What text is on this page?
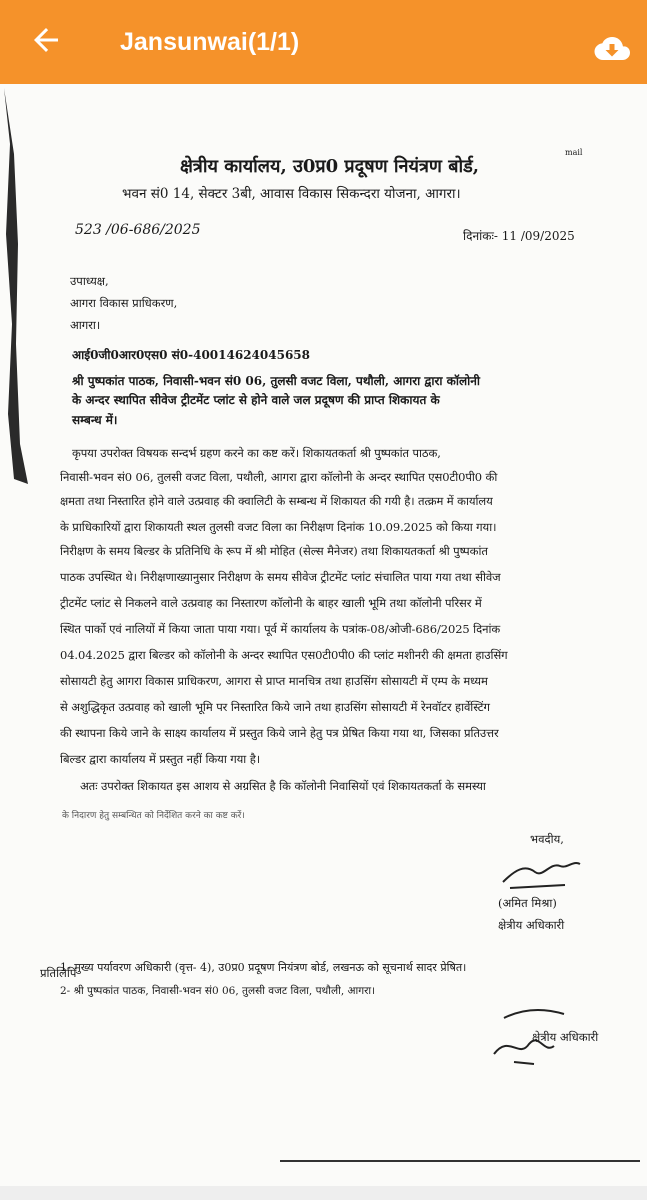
Jansunwai(1/1)
mail
क्षेत्रीय कार्यालय, उ0प्र0 प्रदूषण नियंत्रण बोर्ड,
भवन सं0 14, सेक्टर 3बी, आवास विकास सिकन्दरा योजना, आगरा।
523 /06-686/2025	दिनांकः- 11 /09/2025
उपाध्यक्ष,
आगरा विकास प्राधिकरण,
आगरा।
आई0जी0आर0एस0 सं0-40014624045658
श्री पुष्पकांत पाठक, निवासी-भवन सं0 06, तुलसी वजट विला, पथौली, आगरा द्वारा कॉलोनी
के अन्दर स्थापित सीवेज ट्रीटमेंट प्लांट से होने वाले जल प्रदूषण की प्राप्त शिकायत के
सम्बन्ध में।
कृपया उपरोक्त विषयक सन्दर्भ ग्रहण करने का कष्ट करें। शिकायतकर्ता श्री पुष्पकांत पाठक,
निवासी-भवन सं0 06, तुलसी वजट विला, पथौली, आगरा द्वारा कॉलोनी के अन्दर स्थापित एस0टी0पी0 की
क्षमता तथा निस्तारित होने वाले उत्प्रवाह की क्वालिटी के सम्बन्ध में शिकायत की गयी है। तत्क्रम में कार्यालय
के प्राधिकारियों द्वारा शिकायती स्थल तुलसी वजट विला का निरीक्षण दिनांक 10.09.2025 को किया गया।
निरीक्षण के समय बिल्डर के प्रतिनिधि के रूप में श्री मोहित (सेल्स मैनेजर) तथा शिकायतकर्ता श्री पुष्पकांत
पाठक उपस्थित थे। निरीक्षणाख्यानुसार निरीक्षण के समय सीवेज ट्रीटमेंट प्लांट संचालित पाया गया तथा सीवेज
ट्रीटमेंट प्लांट से निकलने वाले उत्प्रवाह का निस्तारण कॉलोनी के बाहर खाली भूमि तथा कॉलोनी परिसर में
स्थित पार्को एवं नालियों में किया जाता पाया गया। पूर्व में कार्यालय के पत्रांक-08/ओजी-686/2025 दिनांक
04.04.2025 द्वारा बिल्डर को कॉलोनी के अन्दर स्थापित एस0टी0पी0 की प्लांट मशीनरी की क्षमता हाउसिंग
सोसायटी हेतु आगरा विकास प्राधिकरण, आगरा से प्राप्त मानचित्र तथा हाउसिंग सोसायटी में एम्प के मध्यम
से अशुद्धिकृत उत्प्रवाह को खाली भूमि पर निस्तारित किये जाने तथा हाउसिंग सोसायटी में रेनवॉटर हार्वेस्टिंग
की स्थापना किये जाने के साक्ष्य कार्यालय में प्रस्तुत किये जाने हेतु पत्र प्रेषित किया गया था, जिसका प्रतिउत्तर
बिल्डर द्वारा कार्यालय में प्रस्तुत नहीं किया गया है।
अतः उपरोक्त शिकायत इस आशय से अग्रसित है कि कॉलोनी निवासियों एवं शिकायतकर्ता के समस्या
के निदारण हेतु सम्बन्धित को निर्देशित करने का कष्ट करें।
भवदीय,
(अमित मिश्रा)
क्षेत्रीय अधिकारी
प्रतिलिपि
1- मुख्य पर्यावरण अधिकारी (वृत्त- 4), उ0प्र0 प्रदूषण नियंत्रण बोर्ड, लखनऊ को सूचनार्थ सादर प्रेषित।
2- श्री पुष्पकांत पाठक, निवासी-भवन सं0 06, तुलसी वजट विला, पथौली, आगरा।
क्षेत्रीय अधिकारी
